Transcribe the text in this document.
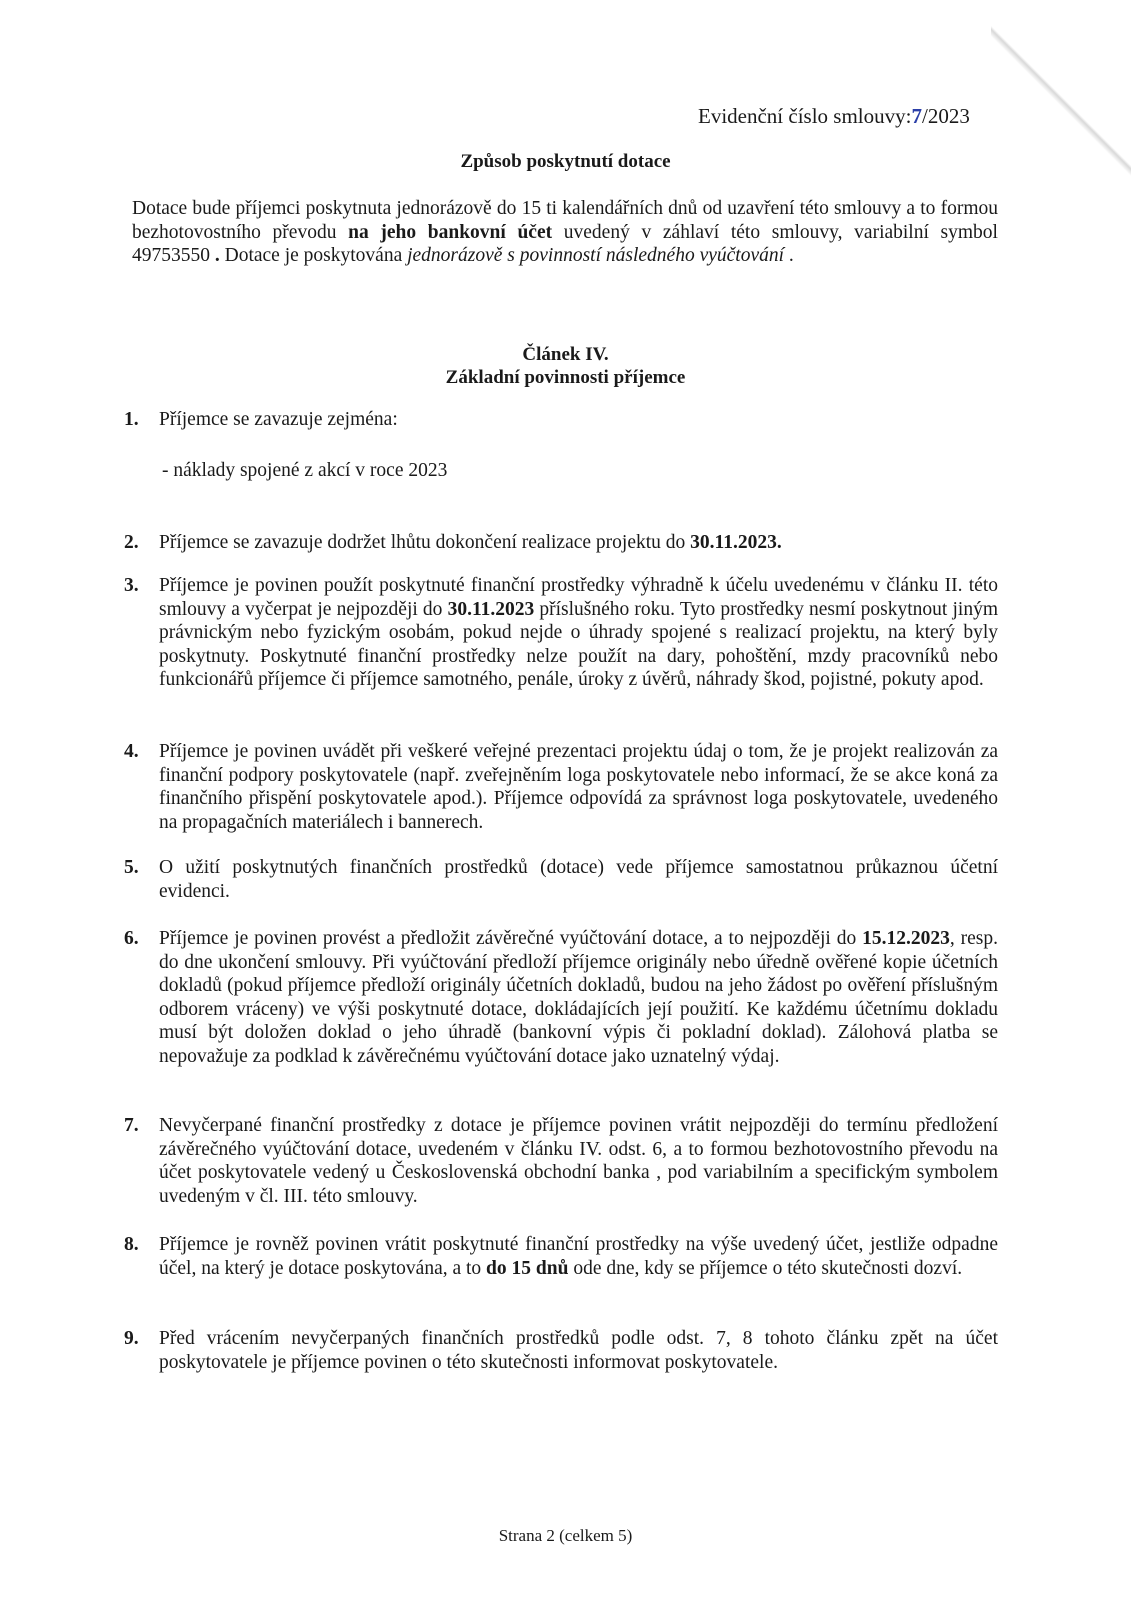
Evidenční číslo smlouvy:7/2023
Způsob poskytnutí dotace
Dotace bude příjemci poskytnuta jednorázově do 15 ti kalendářních dnů od uzavření této smlouvy a to formou bezhotovostního převodu na jeho bankovní účet uvedený v záhlaví této smlouvy, variabilní symbol 49753550 . Dotace je poskytována jednorázově s povinností následného vyúčtování .
Článek IV.
Základní povinnosti příjemce
1.	Příjemce se zavazuje zejména:
- náklady spojené z akcí v roce 2023
2.	Příjemce se zavazuje dodržet lhůtu dokončení realizace projektu do 30.11.2023.
3.	Příjemce je povinen použít poskytnuté finanční prostředky výhradně k účelu uvedenému v článku II. této smlouvy a vyčerpat je nejpozději do 30.11.2023 příslušného roku. Tyto prostředky nesmí poskytnout jiným právnickým nebo fyzickým osobám, pokud nejde o úhrady spojené s realizací projektu, na který byly poskytnuty. Poskytnuté finanční prostředky nelze použít na dary, pohoštění, mzdy pracovníků nebo funkcionářů příjemce či příjemce samotného, penále, úroky z úvěrů, náhrady škod, pojistné, pokuty apod.
4.	Příjemce je povinen uvádět při veškeré veřejné prezentaci projektu údaj o tom, že je projekt realizován za finanční podpory poskytovatele (např. zveřejněním loga poskytovatele nebo informací, že se akce koná za finančního přispění poskytovatele apod.). Příjemce odpovídá za správnost loga poskytovatele, uvedeného na propagačních materiálech i bannerech.
5.	O užití poskytnutých finančních prostředků (dotace) vede příjemce samostatnou průkaznou účetní evidenci.
6.	Příjemce je povinen provést a předložit závěrečné vyúčtování dotace, a to nejpozději do 15.12.2023, resp. do dne ukončení smlouvy. Při vyúčtování předloží příjemce originály nebo úředně ověřené kopie účetních dokladů (pokud příjemce předloží originály účetních dokladů, budou na jeho žádost po ověření příslušným odborem vráceny) ve výši poskytnuté dotace, dokládajících její použití. Ke každému účetnímu dokladu musí být doložen doklad o jeho úhradě (bankovní výpis či pokladní doklad). Zálohová platba se nepovažuje za podklad k závěrečnému vyúčtování dotace jako uznatelný výdaj.
7.	Nevyčerpané finanční prostředky z dotace je příjemce povinen vrátit nejpozději do termínu předložení závěrečného vyúčtování dotace, uvedeném v článku IV. odst. 6, a to formou bezhotovostního převodu na účet poskytovatele vedený u Československá obchodní banka , pod variabilním a specifickým symbolem uvedeným v čl. III. této smlouvy.
8.	Příjemce je rovněž povinen vrátit poskytnuté finanční prostředky na výše uvedený účet, jestliže odpadne účel, na který je dotace poskytována, a to do 15 dnů ode dne, kdy se příjemce o této skutečnosti dozví.
9.	Před vrácením nevyčerpaných finančních prostředků podle odst. 7, 8 tohoto článku zpět na účet poskytovatele je příjemce povinen o této skutečnosti informovat poskytovatele.
Strana 2 (celkem 5)
